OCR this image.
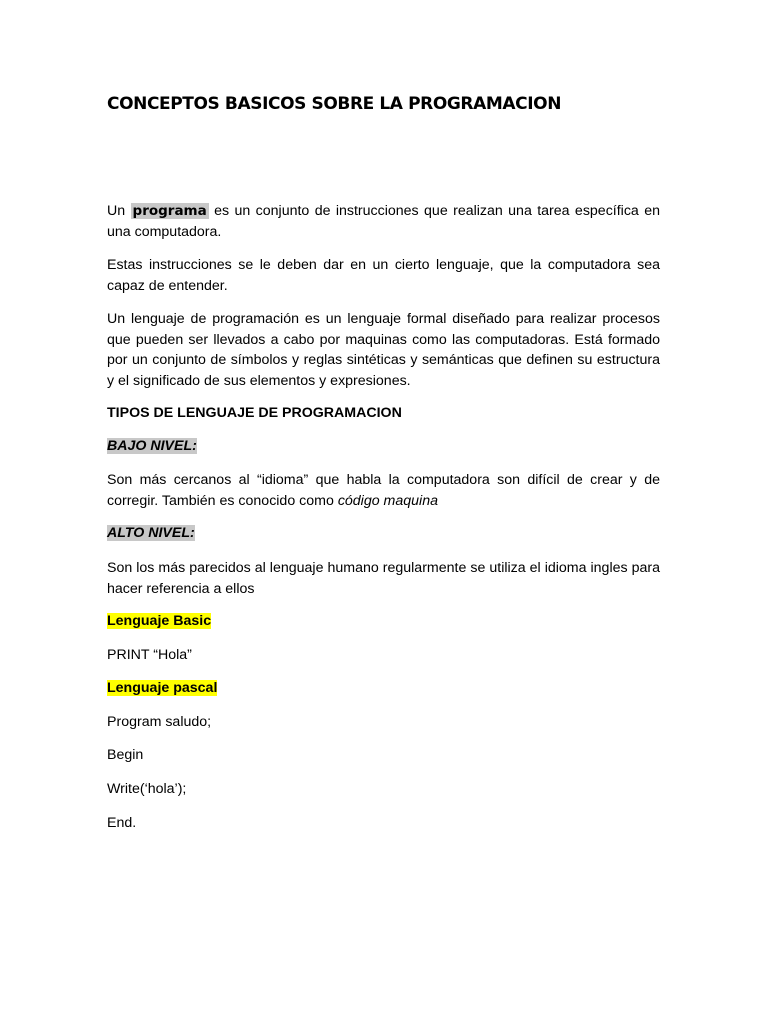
CONCEPTOS BASICOS SOBRE LA PROGRAMACION

Un programa es un conjunto de instrucciones que realizan una tarea específica en una computadora.

Estas instrucciones se le deben dar en un cierto lenguaje, que la computadora sea capaz de entender.

Un lenguaje de programación es un lenguaje formal diseñado para realizar procesos que pueden ser llevados a cabo por maquinas como las computadoras. Está formado por un conjunto de símbolos y reglas sintéticas y semánticas que definen su estructura y el significado de sus elementos y expresiones.

TIPOS DE LENGUAJE DE PROGRAMACION

BAJO NIVEL:

Son más cercanos al “idioma” que habla la computadora son difícil de crear y de corregir. También es conocido como código maquina

ALTO NIVEL:

Son los más parecidos al lenguaje humano regularmente se utiliza el idioma ingles para hacer referencia a ellos

Lenguaje Basic

PRINT “Hola”

Lenguaje pascal

Program saludo;

Begin

Write(‘hola’);

End.
